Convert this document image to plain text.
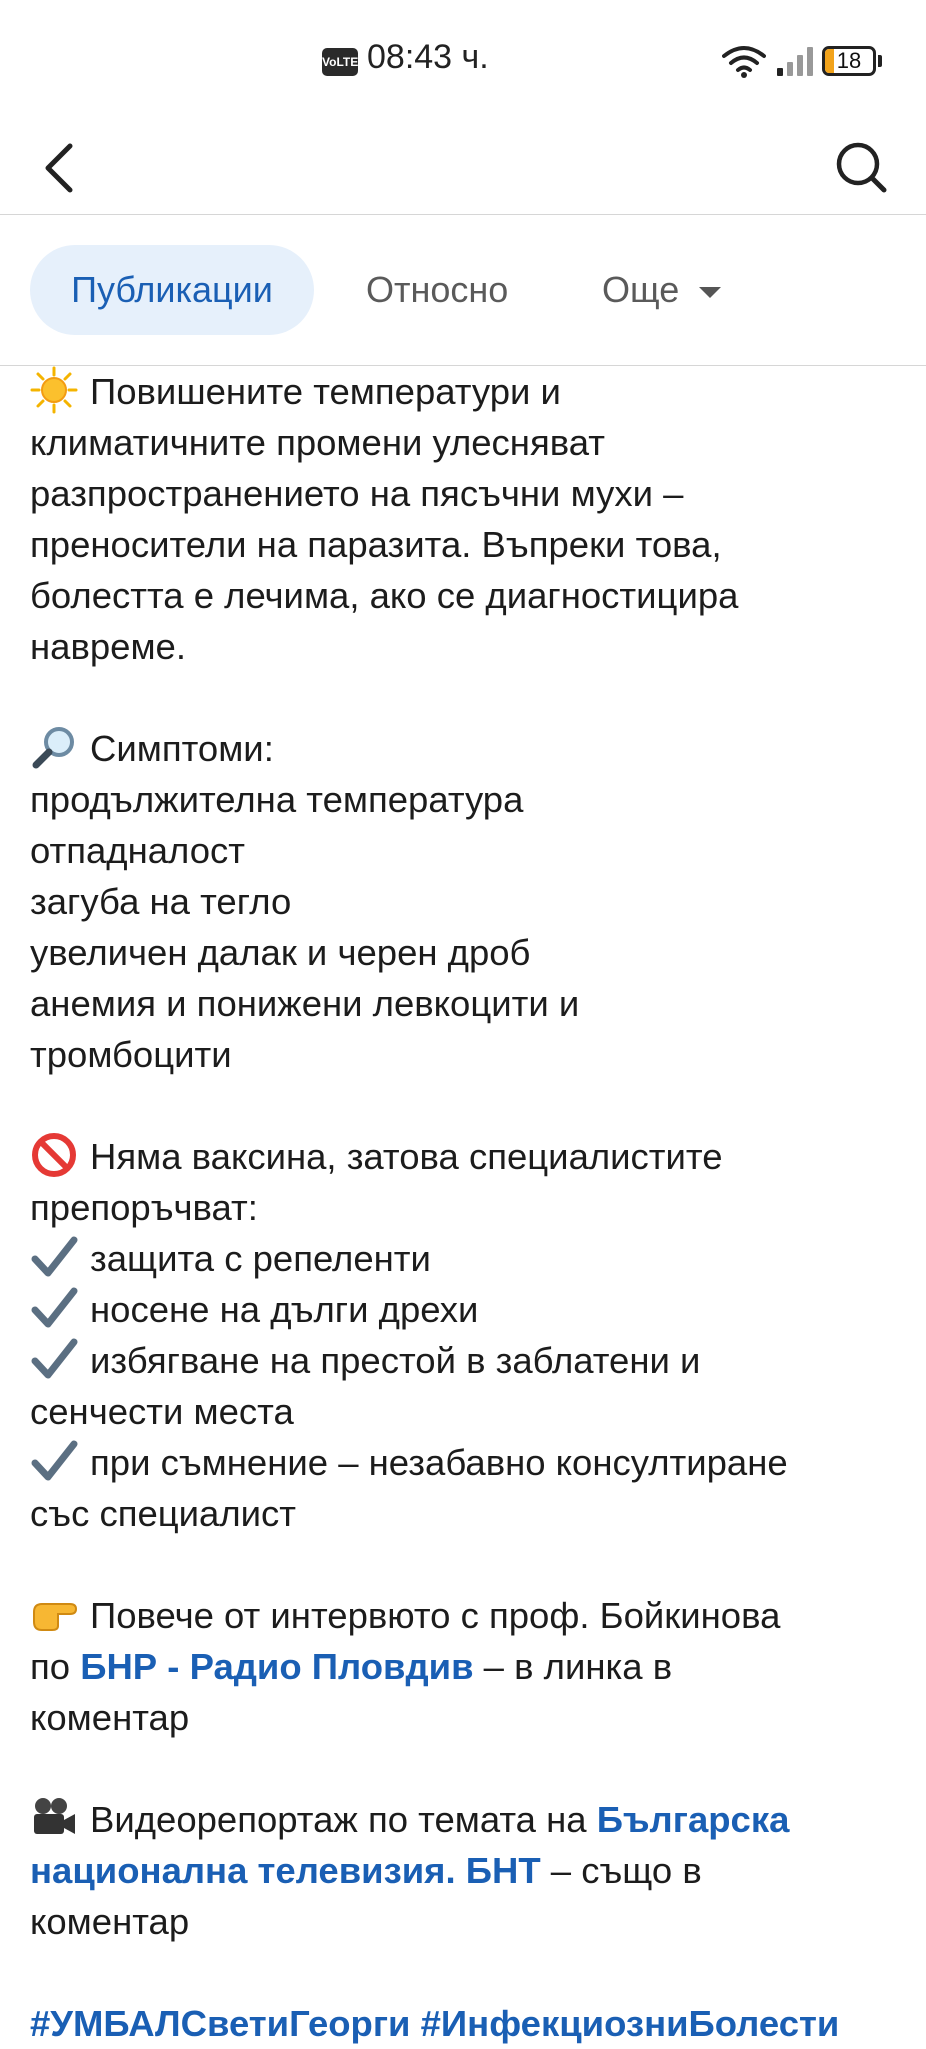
VoLTE 08:43 ч.	18
Публикации	Относно	Още
Повишените температури и
климатичните промени улесняват
разпространението на пясъчни мухи –
преносители на паразита. Въпреки това,
болестта е лечима, ако се диагностицира
навреме.
Симптоми:
продължителна температура
отпадналост
загуба на тегло
увеличен далак и черен дроб
анемия и понижени левкоцити и
тромбоцити
Няма ваксина, затова специалистите
препоръчват:
защита с репеленти
носене на дълги дрехи
избягване на престой в заблатени и
сенчести места
при съмнение – незабавно консултиране
със специалист
Повече от интервюто с проф. Бойкинова
по БНР - Радио Пловдив – в линка в
коментар
Видеорепортаж по темата на Българска
национална телевизия. БНТ – също в
коментар
#УМБАЛСветиГеорги #ИнфекциозниБолести
